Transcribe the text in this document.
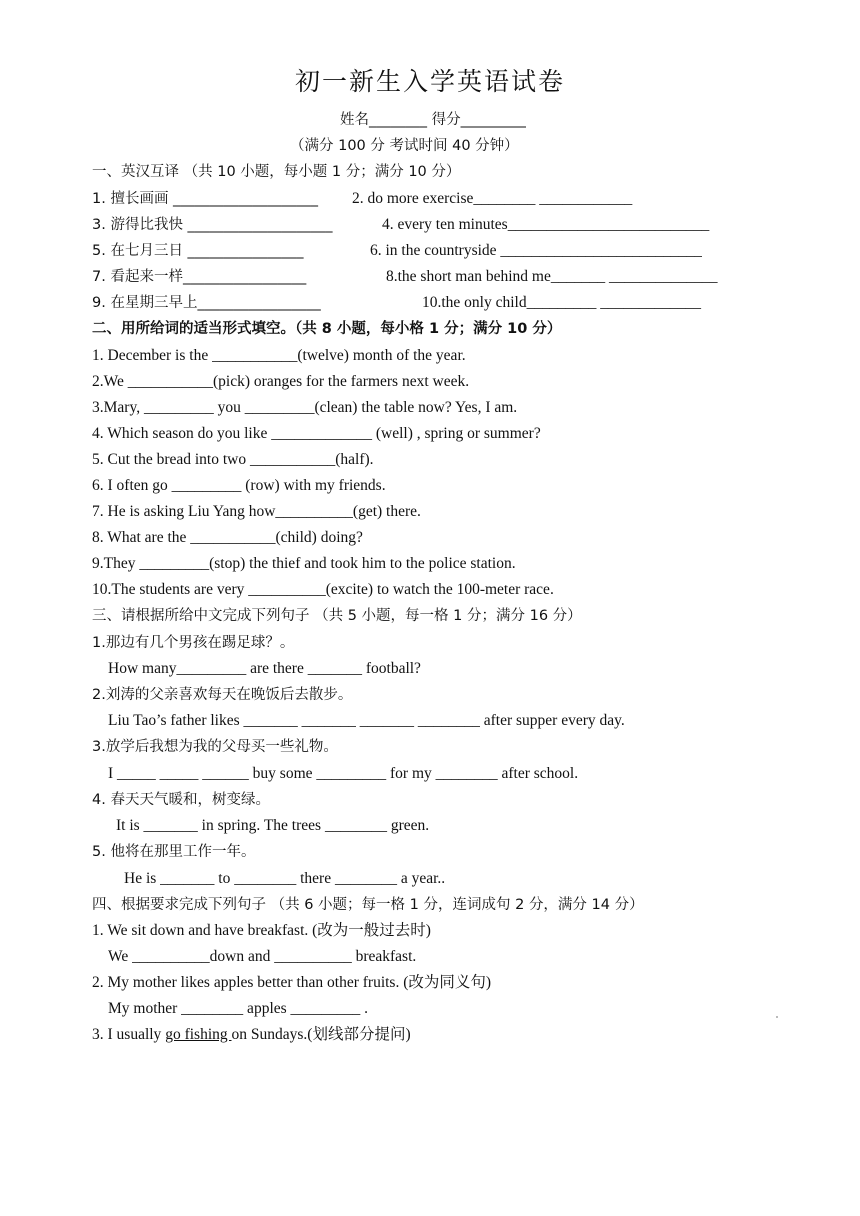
初一新生入学英语试卷
姓名________ 得分_________
（满分 100 分 考试时间 40 分钟）
一、英汉互译 （共 10 小题，每小题 1 分；满分 10 分）
1. 擅长画画 ____________________ 2. do more exercise________ ____________
3. 游得比我快 ____________________	4. every ten minutes__________________________
5. 在七月三日 ________________	6. in the countryside __________________________
7. 看起来一样_________________	8.the short man behind me_______ ______________
9. 在星期三早上_________________	10.the only child_________ _____________
二、用所给词的适当形式填空。（共 8 小题，每小格 1 分；满分 10 分）
1. December is the ___________(twelve) month of the year.
2.We ___________(pick) oranges for the farmers next week.
3.Mary, _________ you _________(clean) the table now? Yes, I am.
4. Which season do you like _____________ (well) , spring or summer?
5. Cut the bread into two ___________(half).
6. I often go _________ (row) with my friends.
7. He is asking Liu Yang how__________(get) there.
8. What are the ___________(child) doing?
9.They _________(stop) the thief and took him to the police station.
10.The students are very __________(excite) to watch the 100-meter race.
三、请根据所给中文完成下列句子 （共 5 小题，每一格 1 分；满分 16 分）
1.那边有几个男孩在踢足球？。
How many_________ are there _______ football?
2.刘涛的父亲喜欢每天在晚饭后去散步。
Liu Tao’s father likes _______ _______ _______ ________ after supper every day.
3.放学后我想为我的父母买一些礼物。
I _____ _____ ______ buy some _________ for my ________ after school.
4. 春天天气暖和，树变绿。
It is _______ in spring. The trees ________ green.
5. 他将在那里工作一年。
He is _______ to ________ there ________ a year..
四、根据要求完成下列句子 （共 6 小题；每一格 1 分，连词成句 2 分，满分 14 分）
1. We sit down and have breakfast. (改为一般过去时)
We __________down and __________ breakfast.
2. My mother likes apples better than other fruits. (改为同义句)
My mother ________ apples _________ .
3. I usually go fishing on Sundays.(划线部分提问)
